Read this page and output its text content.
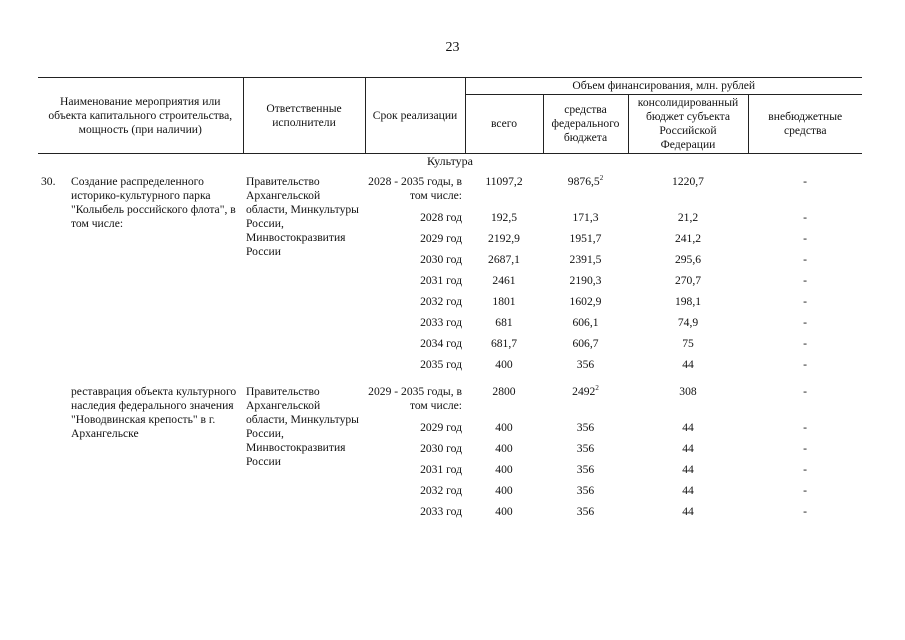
23
Наименование мероприятия или объекта капитального строительства, мощность (при наличии)	Ответственные исполнители	Срок реализации	Объем финансирования, млн. рублей			
			всего	средства федерального бюджета	консолидированный бюджет субъекта Российской Федерации	внебюджетные средства
Культура						

30. Создание распределенного историко-культурного парка "Колыбель российского флота", в том числе:	Правительство Архангельской области, Минкультуры России, Минвостокразвития России	2028 - 2035 годы, в том числе:	11097,2	9876,5$^2$	1220,7	-
		2028 год	192,5	171,3	21,2	-
		2029 год	2192,9	1951,7	241,2	-
		2030 год	2687,1	2391,5	295,6	-
		2031 год	2461	2190,3	270,7	-
		2032 год	1801	1602,9	198,1	-
		2033 год	681	606,1	74,9	-
		2034 год	681,7	606,7	75	-
		2035 год	400	356	44	-

реставрация объекта культурного наследия федерального значения "Новодвинская крепость" в г. Архангельске	Правительство Архангельской области, Минкультуры России, Минвостокразвития России	2029 - 2035 годы, в том числе:	2800	2492$^2$	308	-
		2029 год	400	356	44	-
		2030 год	400	356	44	-
		2031 год	400	356	44	-
		2032 год	400	356	44	-
		2033 год	400	356	44	-
